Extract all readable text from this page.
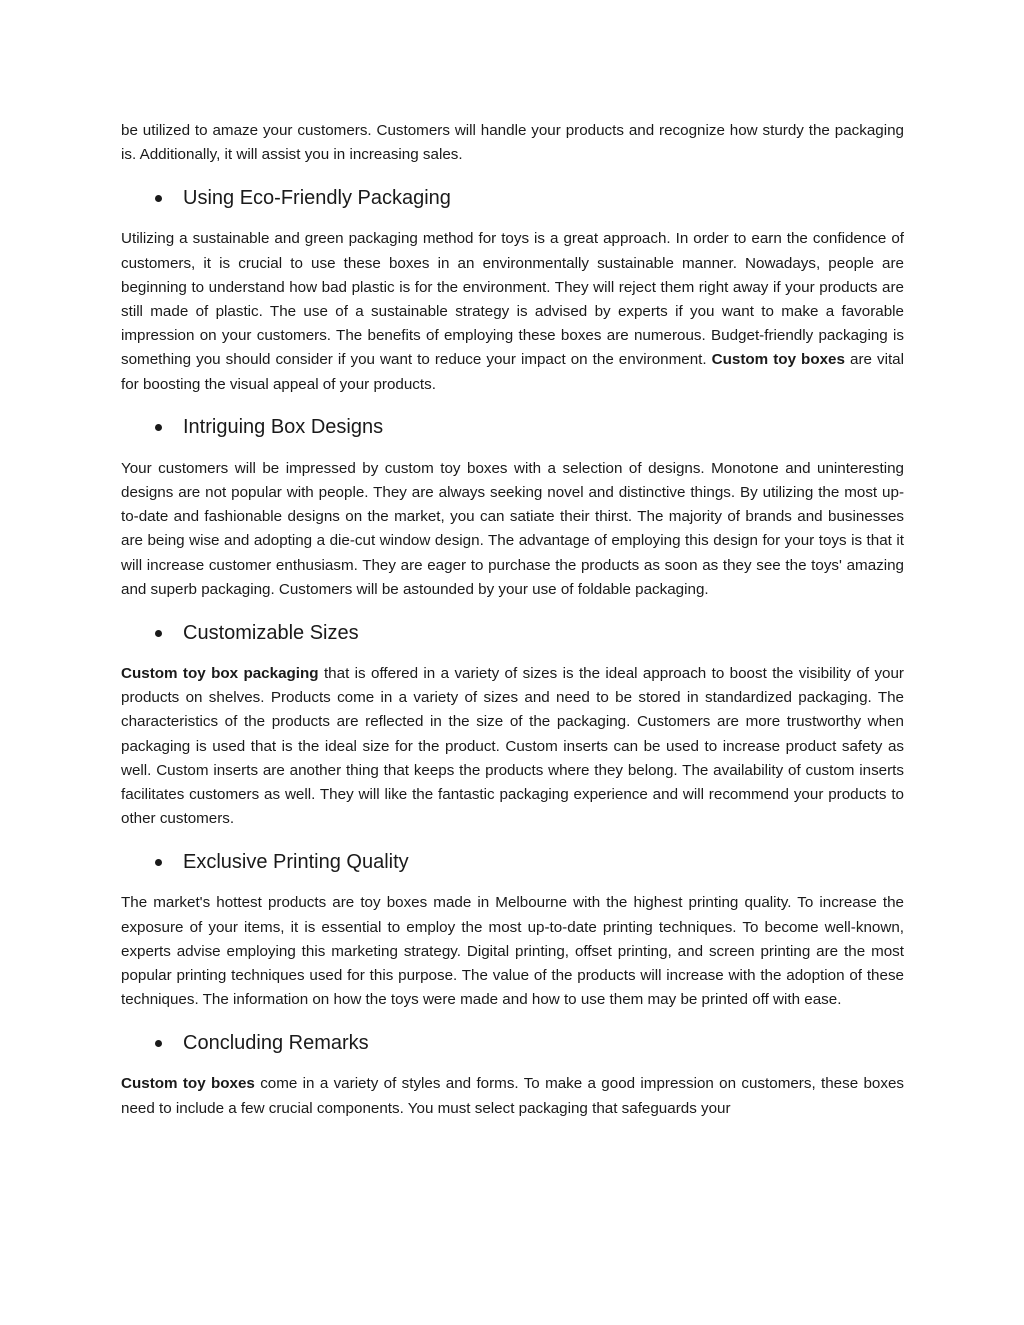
be utilized to amaze your customers. Customers will handle your products and recognize how sturdy the packaging is. Additionally, it will assist you in increasing sales.

Using Eco-Friendly Packaging

Utilizing a sustainable and green packaging method for toys is a great approach. In order to earn the confidence of customers, it is crucial to use these boxes in an environmentally sustainable manner. Nowadays, people are beginning to understand how bad plastic is for the environment. They will reject them right away if your products are still made of plastic. The use of a sustainable strategy is advised by experts if you want to make a favorable impression on your customers. The benefits of employing these boxes are numerous. Budget-friendly packaging is something you should consider if you want to reduce your impact on the environment. Custom toy boxes are vital for boosting the visual appeal of your products.

Intriguing Box Designs

Your customers will be impressed by custom toy boxes with a selection of designs. Monotone and uninteresting designs are not popular with people. They are always seeking novel and distinctive things. By utilizing the most up-to-date and fashionable designs on the market, you can satiate their thirst. The majority of brands and businesses are being wise and adopting a die-cut window design. The advantage of employing this design for your toys is that it will increase customer enthusiasm. They are eager to purchase the products as soon as they see the toys' amazing and superb packaging. Customers will be astounded by your use of foldable packaging.

Customizable Sizes

Custom toy box packaging that is offered in a variety of sizes is the ideal approach to boost the visibility of your products on shelves. Products come in a variety of sizes and need to be stored in standardized packaging. The characteristics of the products are reflected in the size of the packaging. Customers are more trustworthy when packaging is used that is the ideal size for the product. Custom inserts can be used to increase product safety as well. Custom inserts are another thing that keeps the products where they belong. The availability of custom inserts facilitates customers as well. They will like the fantastic packaging experience and will recommend your products to other customers.

Exclusive Printing Quality

The market's hottest products are toy boxes made in Melbourne with the highest printing quality. To increase the exposure of your items, it is essential to employ the most up-to-date printing techniques. To become well-known, experts advise employing this marketing strategy. Digital printing, offset printing, and screen printing are the most popular printing techniques used for this purpose. The value of the products will increase with the adoption of these techniques. The information on how the toys were made and how to use them may be printed off with ease.

Concluding Remarks

Custom toy boxes come in a variety of styles and forms. To make a good impression on customers, these boxes need to include a few crucial components. You must select packaging that safeguards your
